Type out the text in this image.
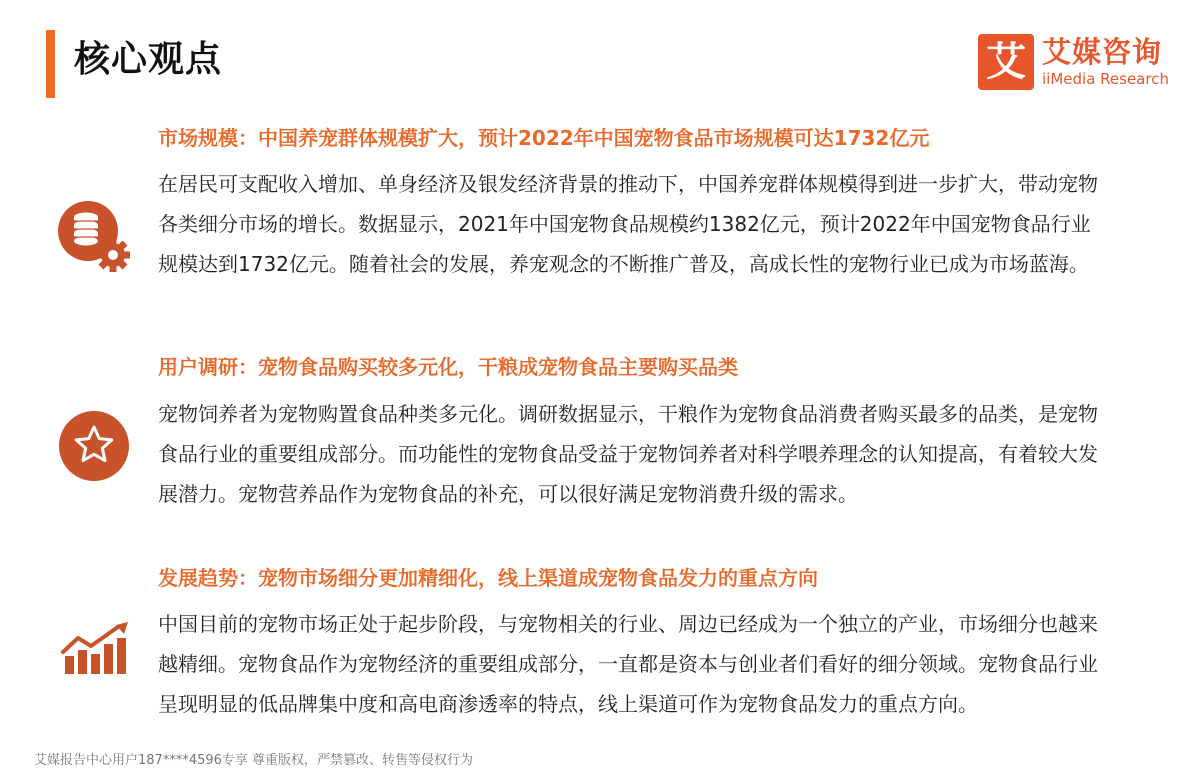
核心观点	艾 艾媒咨询
iiMedia Research
市场规模：中国养宠群体规模扩大，预计2022年中国宠物食品市场规模可达1732亿元
在居民可支配收入增加、单身经济及银发经济背景的推动下，中国养宠群体规模得到进一步扩大，带动宠物各类细分市场的增长。数据显示，2021年中国宠物食品规模约1382亿元，预计2022年中国宠物食品行业规模达到1732亿元。随着社会的发展，养宠观念的不断推广普及，高成长性的宠物行业已成为市场蓝海。
用户调研：宠物食品购买较多元化，干粮成宠物食品主要购买品类
宠物饲养者为宠物购置食品种类多元化。调研数据显示，干粮作为宠物食品消费者购买最多的品类，是宠物食品行业的重要组成部分。而功能性的宠物食品受益于宠物饲养者对科学喂养理念的认知提高，有着较大发展潜力。宠物营养品作为宠物食品的补充，可以很好满足宠物消费升级的需求。
发展趋势：宠物市场细分更加精细化，线上渠道成宠物食品发力的重点方向
中国目前的宠物市场正处于起步阶段，与宠物相关的行业、周边已经成为一个独立的产业，市场细分也越来越精细。宠物食品作为宠物经济的重要组成部分，一直都是资本与创业者们看好的细分领域。宠物食品行业呈现明显的低品牌集中度和高电商渗透率的特点，线上渠道可作为宠物食品发力的重点方向。
艾媒报告中心用户187****4596专享 尊重版权，严禁篡改、转售等侵权行为
